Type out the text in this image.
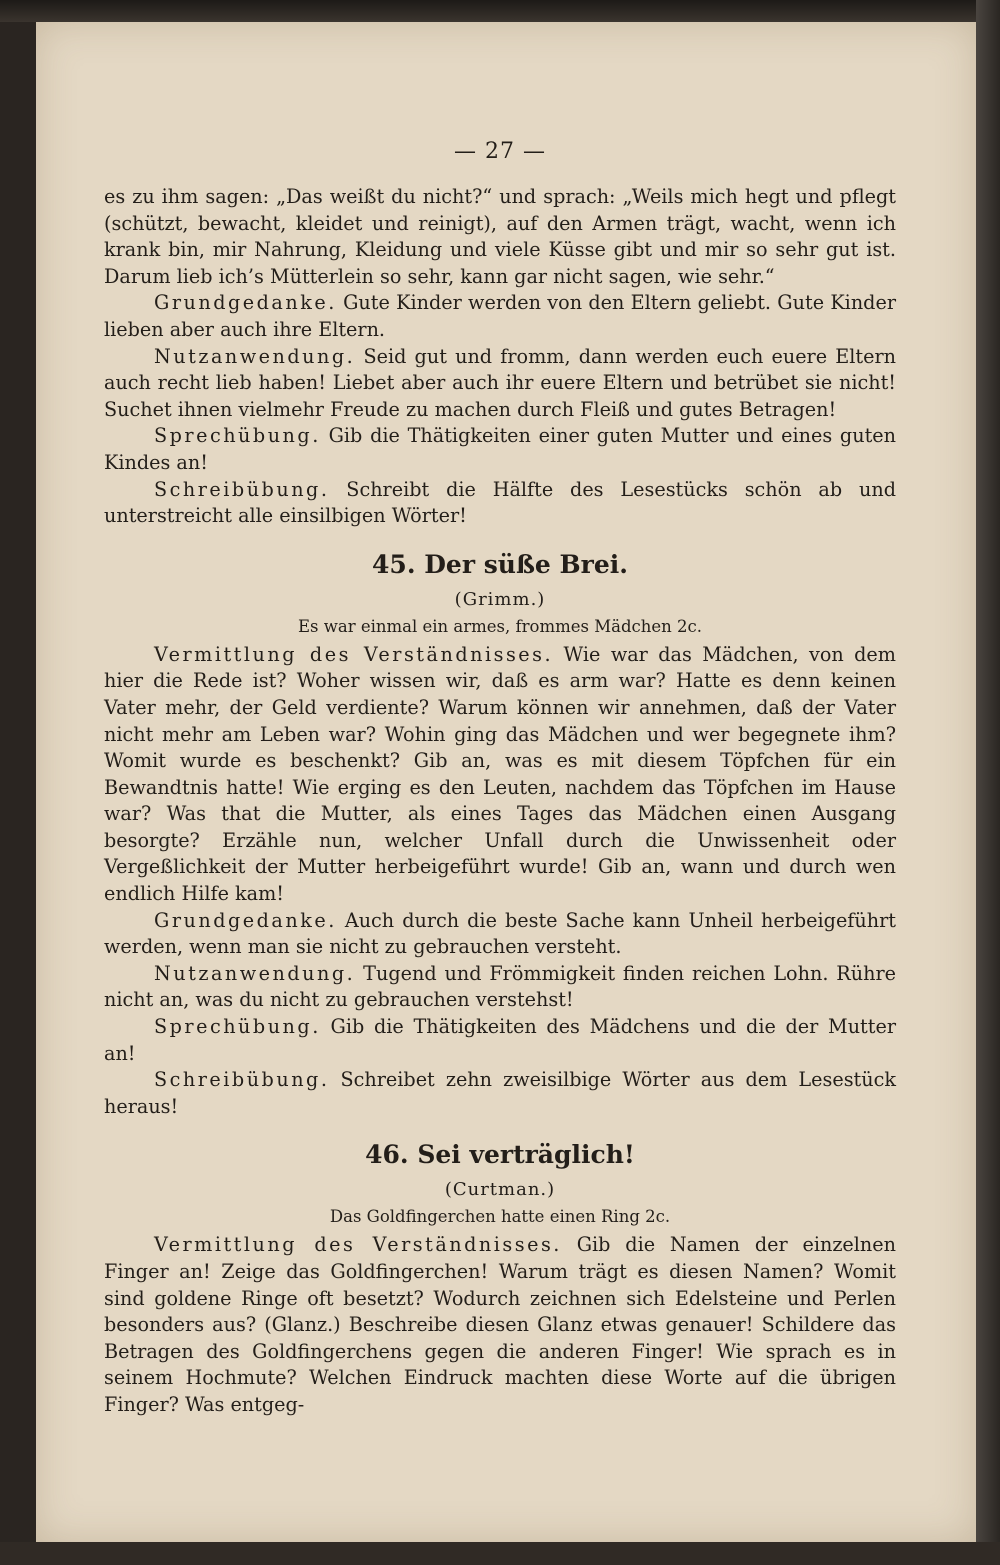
— 27 —

es zu ihm sagen: „Das weißt du nicht?“ und sprach: „Weils mich hegt und pflegt (schützt, bewacht, kleidet und reinigt), auf den Armen trägt, wacht, wenn ich krank bin, mir Nahrung, Kleidung und viele Küsse gibt und mir so sehr gut ist. Darum lieb ich’s Mütterlein so sehr, kann gar nicht sagen, wie sehr.“

Grundgedanke. Gute Kinder werden von den Eltern geliebt. Gute Kinder lieben aber auch ihre Eltern.

Nutzanwendung. Seid gut und fromm, dann werden euch euere Eltern auch recht lieb haben! Liebet aber auch ihr euere Eltern und betrübet sie nicht! Suchet ihnen vielmehr Freude zu machen durch Fleiß und gutes Betragen!

Sprechübung. Gib die Thätigkeiten einer guten Mutter und eines guten Kindes an!

Schreibübung. Schreibt die Hälfte des Lesestücks schön ab und unterstreicht alle einsilbigen Wörter!

45. Der süße Brei.
(Grimm.)
Es war einmal ein armes, frommes Mädchen 2c.

Vermittlung des Verständnisses. Wie war das Mädchen, von dem hier die Rede ist? Woher wissen wir, daß es arm war? Hatte es denn keinen Vater mehr, der Geld verdiente? Warum können wir annehmen, daß der Vater nicht mehr am Leben war? Wohin ging das Mädchen und wer begegnete ihm? Womit wurde es beschenkt? Gib an, was es mit diesem Töpfchen für ein Bewandtnis hatte! Wie erging es den Leuten, nachdem das Töpfchen im Hause war? Was that die Mutter, als eines Tages das Mädchen einen Ausgang besorgte? Erzähle nun, welcher Unfall durch die Unwissenheit oder Vergeßlichkeit der Mutter herbeigeführt wurde! Gib an, wann und durch wen endlich Hilfe kam!

Grundgedanke. Auch durch die beste Sache kann Unheil herbeigeführt werden, wenn man sie nicht zu gebrauchen versteht.

Nutzanwendung. Tugend und Frömmigkeit finden reichen Lohn. Rühre nicht an, was du nicht zu gebrauchen verstehst!

Sprechübung. Gib die Thätigkeiten des Mädchens und die der Mutter an!

Schreibübung. Schreibet zehn zweisilbige Wörter aus dem Lesestück heraus!

46. Sei verträglich!
(Curtman.)
Das Goldfingerchen hatte einen Ring 2c.

Vermittlung des Verständnisses. Gib die Namen der einzelnen Finger an! Zeige das Goldfingerchen! Warum trägt es diesen Namen? Womit sind goldene Ringe oft besetzt? Wodurch zeichnen sich Edelsteine und Perlen besonders aus? (Glanz.) Beschreibe diesen Glanz etwas genauer! Schildere das Betragen des Goldfingerchens gegen die anderen Finger! Wie sprach es in seinem Hochmute? Welchen Eindruck machten diese Worte auf die übrigen Finger? Was entgeg-
